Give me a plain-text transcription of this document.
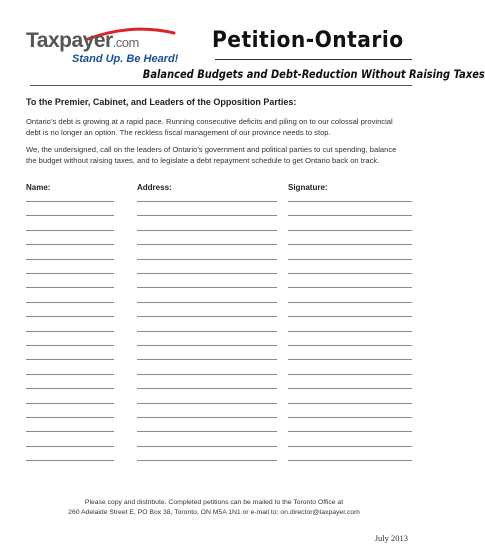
Taxpayer.com
Stand Up. Be Heard!
Petition-Ontario
Balanced Budgets and Debt-Reduction Without Raising Taxes
To the Premier, Cabinet, and Leaders of the Opposition Parties:
Ontario’s debt is growing at a rapid pace. Running consecutive deficits and piling on to our colossal provincial debt is no longer an option. The reckless fiscal management of our province needs to stop.
We, the undersigned, call on the leaders of Ontario’s government and political parties to cut spending, balance the budget without raising taxes, and to legislate a debt repayment schedule to get Ontario back on track.
Name:	Address:	Signature:
Please copy and distribute. Completed petitions can be mailed to the Toronto Office at
260 Adelaide Street E, PO Box 38, Toronto, ON M5A 1N1 or e-mail to: on.director@taxpayer.com
July 2013
